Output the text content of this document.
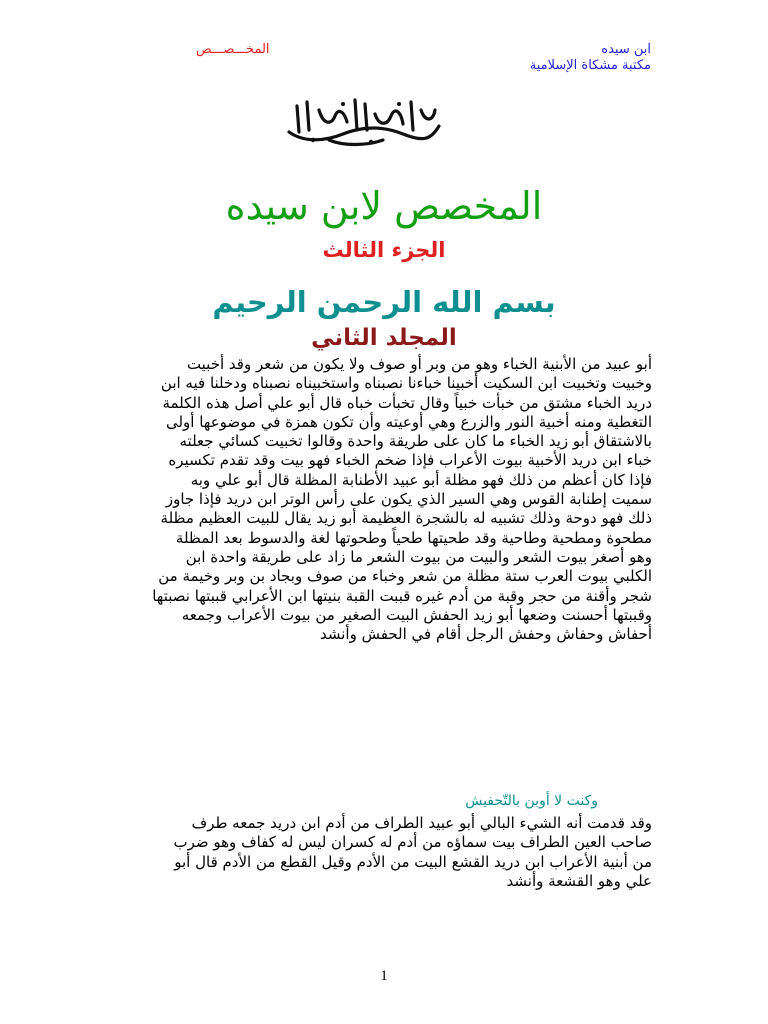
ابن سيده
مكتبة مشكاة الإسلامية
المخـــصـــص
المخصص لابن سيده
الجزء الثالث
بسم الله الرحمن الرحيم
المجلد الثاني

أبو عبيد من الأبنية الخباء وهو من وبر أو صوف ولا يكون من شعر وقد أخبيت وخبيت وتخبيت ابن السكيت أخبينا خباءنا نصبناه واستخبيناه نصبناه ودخلنا فيه ابن دريد الخباء مشتق من خبأت خبياً وقال تخبأت خباه قال أبو علي أصل هذه الكلمة التغطية ومنه أخبية النور والزرع وهي أوعيته وأن تكون همزة في موضوعها أولى بالاشتقاق أبو زيد الخباء ما كان على طريقة واحدة وقالوا تخبيت كسائي جعلته خباء ابن دريد الأخبية بيوت الأعراب فإذا ضخم الخباء فهو بيت وقد تقدم تكسيره فإذا كان أعظم من ذلك فهو مظلة أبو عبيد الأطنابة المظلة قال أبو علي وبه سميت إطنابة القوس وهي السير الذي يكون على رأس الوتر ابن دريد فإذا جاوز ذلك فهو دوحة وذلك تشبيه له بالشجرة العظيمة أبو زيد يقال للبيت العظيم مظلة مطحوة ومطحية وطاحية وقد طحيتها طحياً وطحوتها لغة والدسوط بعد المظلة وهو أصغر بيوت الشعر والبيت من بيوت الشعر ما زاد على طريقة واحدة ابن الكلبي بيوت العرب ستة مظلة من شعر وخباء من صوف وبجاد بن وبر وخيمة من شجر وأقنة من حجر وقبة من أدم غيره قببت القبة بنيتها ابن الأعرابي قببتها نصبتها وقببتها أحسنت وضعها أبو زيد الحفش البيت الصغير من بيوت الأعراب وجمعه أحفاش وحفاش وحفش الرجل أقام في الحفش وأنشد

وكنت لا أوبن بالتّحفيش

وقد قدمت أنه الشيء البالي أبو عبيد الطراف من أدم ابن دريد جمعه طرف صاحب العين الطراف بيت سماؤه من أدم له كسران ليس له كفاف وهو ضرب من أبنية الأعراب ابن دريد القشع البيت من الأدم وقيل القطع من الأدم قال أبو علي وهو القشعة وأنشد

1
